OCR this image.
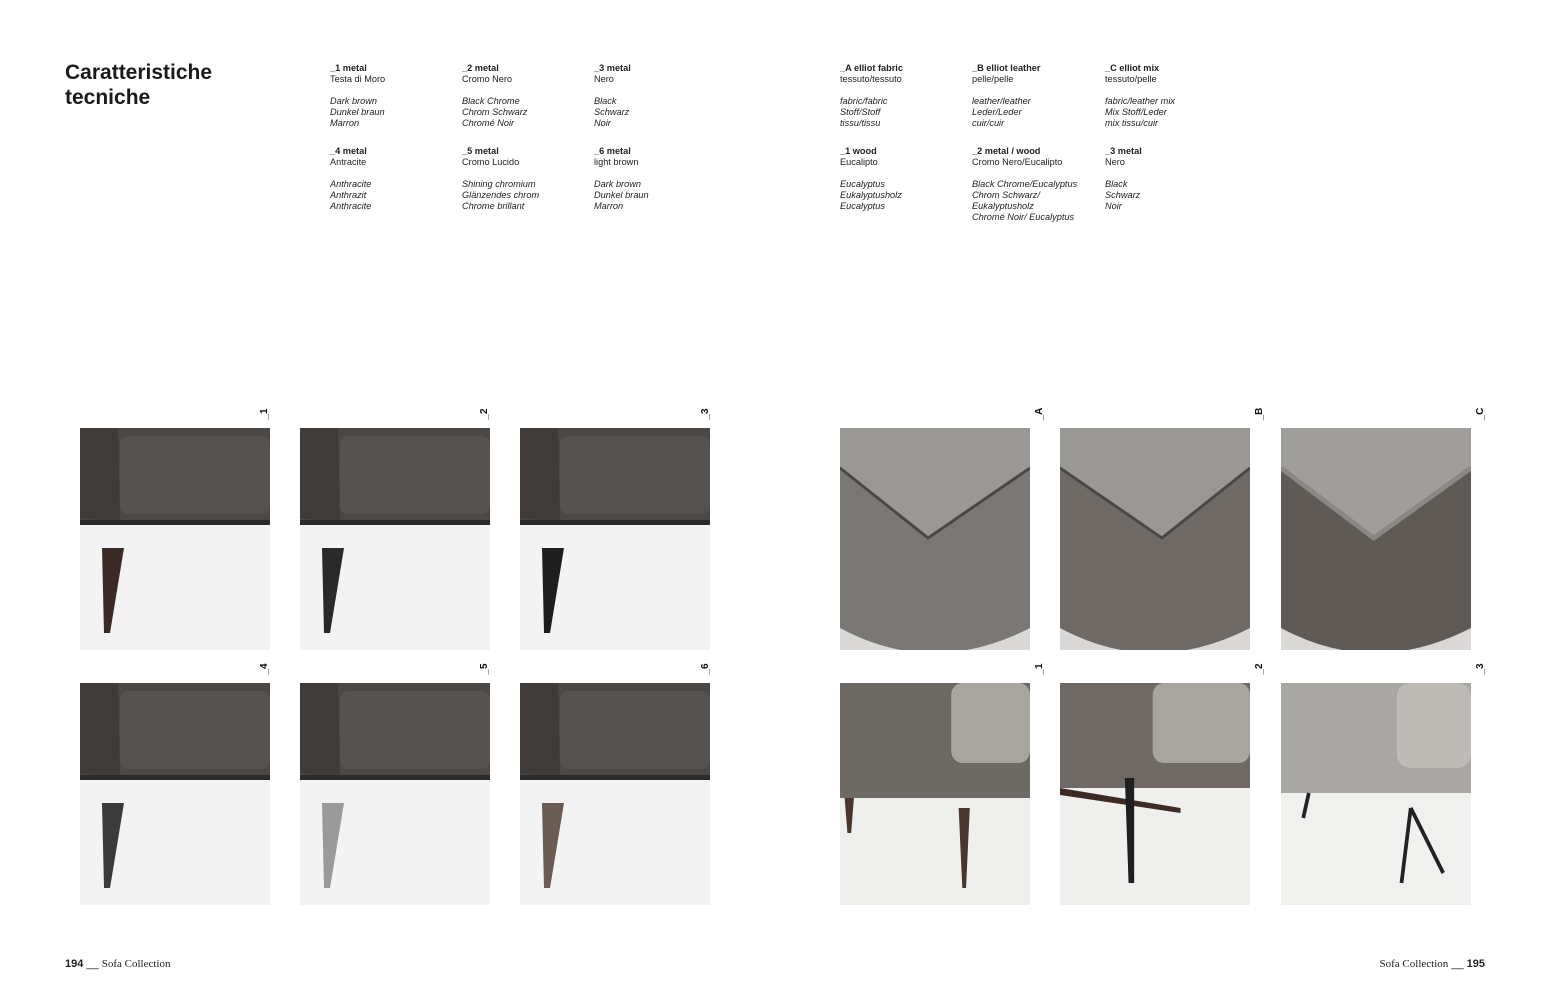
Caratteristiche
tecniche
_1 metal
Testa di Moro
Dark brown
Dunkel braun
Marron
_2 metal
Cromo Nero
Black Chrome
Chrom Schwarz
Chromé Noir
_3 metal
Nero
Black
Schwarz
Noir
_4 metal
Antracite
Anthracite
Anthrazit
Anthracite
_5 metal
Cromo Lucido
Shining chromium
Glänzendes chrom
Chrome brillant
_6 metal
light brown
Dark brown
Dunkel braun
Marron
_A elliot fabric
tessuto/tessuto
fabric/fabric
Stoff/Stoff
tissu/tissu
_B elliot leather
pelle/pelle
leather/leather
Leder/Leder
cuir/cuir
_C elliot mix
tessuto/pelle
fabric/leather mix
Mix Stoff/Leder
mix tissu/cuir
_1 wood
Eucalipto
Eucalyptus
Eukalyptusholz
Eucalyptus
_2 metal / wood
Cromo Nero/Eucalipto
Black Chrome/Eucalyptus
Chrom Schwarz/
Eukalyptusholz
Chromé Noir/ Eucalyptus
_3 metal
Nero
Black
Schwarz
Noir
_1	_2	_3
_4	_5	_6
_A	_B	_C
_1	_2	_3
194 __ Sofa Collection	Sofa Collection __ 195
